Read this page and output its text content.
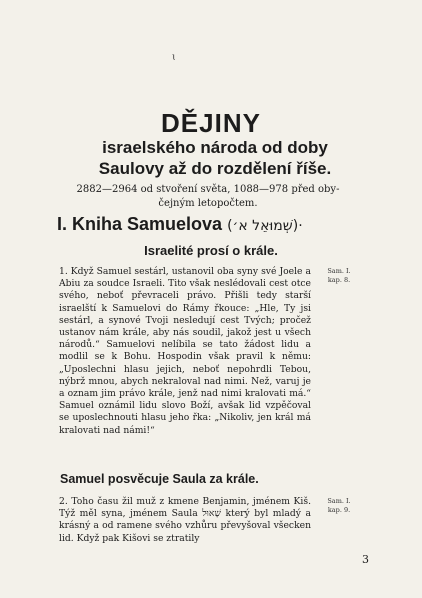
ɩ
DĚJINY
israelského národa od doby
Saulovy až do rozdělení říše.
2882—2964 od stvoření světa, 1088—978 před oby-
čejným letopočtem.
I. Kniha Samuelova (שְׁמוּאֵל א׳)·
Israelité prosí o krále.
1. Když Samuel sestárl, ustanovil oba syny své Joele a Abiu za soudce Israeli. Tito však neslédovali cest otce svého, neboť převraceli právo. Přišli tedy starší israelští k Samuelovi do Rámy řkouce: „Hle, Ty jsi sestárl, a synové Tvoji nesledují cest Tvých; pročež ustanov nám krále, aby nás soudil, jakož jest u všech národů.“ Samuelovi nelíbila se tato žádost lidu a modlil se k Bohu. Hospodin však pravil k němu: „Uposlechni hlasu jejich, neboť nepohrdli Tebou, nýbrž mnou, abych nekraloval nad nimi. Než, varuj je a oznam jim právo krále, jenž nad nimi kralovati má.“ Samuel oznámil lidu slovo Boží, avšak lid vzpěčoval se uposlechnouti hlasu jeho řka: „Nikoliv, jen král má kralovati nad námi!“
Sam. I.
kap. 8.
Samuel posvěcuje Saula za krále.
2. Toho času žil muž z kmene Benjamin, jménem Kiš. Týž měl syna, jménem Saula שָׁאוּל který byl mladý a krásný a od ramene svého vzhůru převyšoval všecken lid. Když pak Kišovi se ztratily
Sam. I.
kap. 9.
3
